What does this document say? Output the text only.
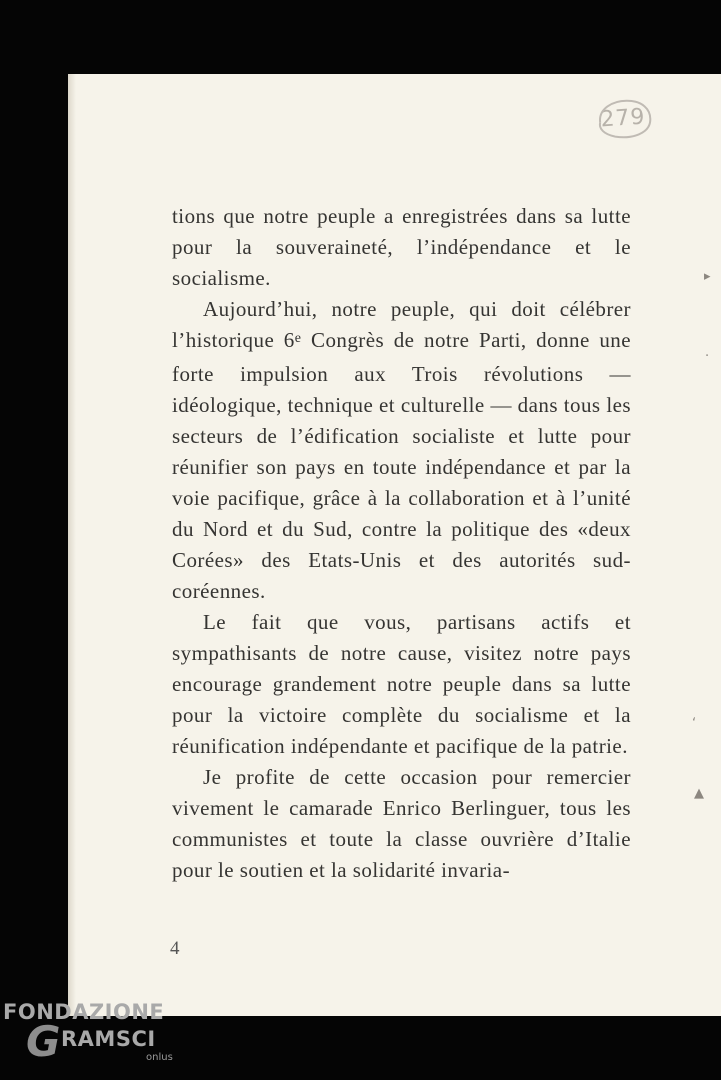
279

tions que notre peuple a enregistrées dans sa lutte pour la souveraineté, l’indépendance et le socialisme.

Aujourd’hui, notre peuple, qui doit célébrer l’historique 6e Congrès de notre Parti, donne une forte impulsion aux Trois révolutions — idéologique, technique et culturelle — dans tous les secteurs de l’édification socialiste et lutte pour réunifier son pays en toute indépendance et par la voie pacifique, grâce à la collaboration et à l’unité du Nord et du Sud, contre la politique des «deux Corées» des Etats-Unis et des autorités sud-coréennes.

Le fait que vous, partisans actifs et sympathisants de notre cause, visitez notre pays encourage grandement notre peuple dans sa lutte pour la victoire complète du socialisme et la réunification indépendante et pacifique de la patrie.

Je profite de cette occasion pour remercier vivement le camarade Enrico Berlinguer, tous les communistes et toute la classe ouvrière d’Italie pour le soutien et la solidarité invaria-

4
▸
·
ʻ
▲
FONDAZIONE
G RAMSCI
onlus
